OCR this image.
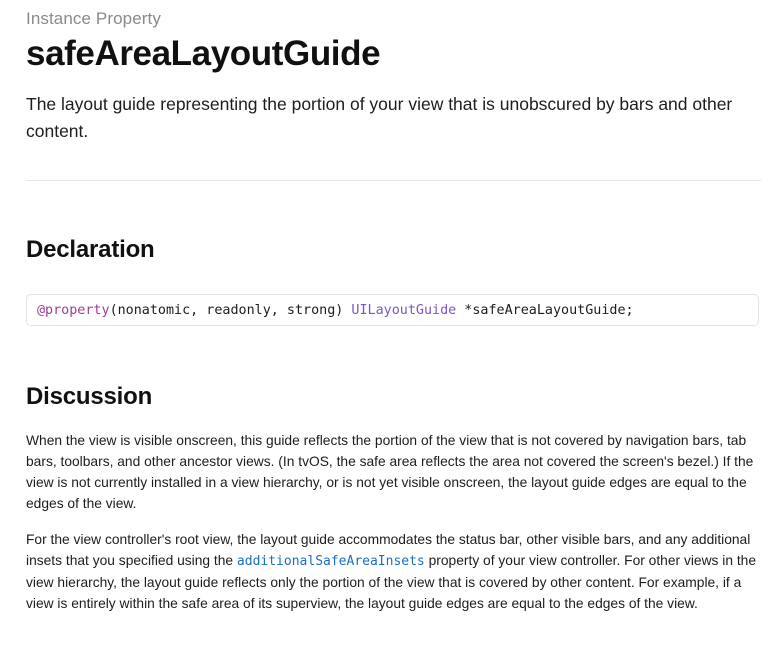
Instance Property
safeAreaLayoutGuide

The layout guide representing the portion of your view that is unobscured by bars and other content.

Declaration
@property(nonatomic, readonly, strong) UILayoutGuide *safeAreaLayoutGuide;
Discussion

When the view is visible onscreen, this guide reflects the portion of the view that is not covered by navigation bars, tab bars, toolbars, and other ancestor views. (In tvOS, the safe area reflects the area not covered the screen's bezel.) If the view is not currently installed in a view hierarchy, or is not yet visible onscreen, the layout guide edges are equal to the edges of the view.

For the view controller's root view, the layout guide accommodates the status bar, other visible bars, and any additional insets that you specified using the additionalSafeAreaInsets property of your view controller. For other views in the view hierarchy, the layout guide reflects only the portion of the view that is covered by other content. For example, if a view is entirely within the safe area of its superview, the layout guide edges are equal to the edges of the view.
